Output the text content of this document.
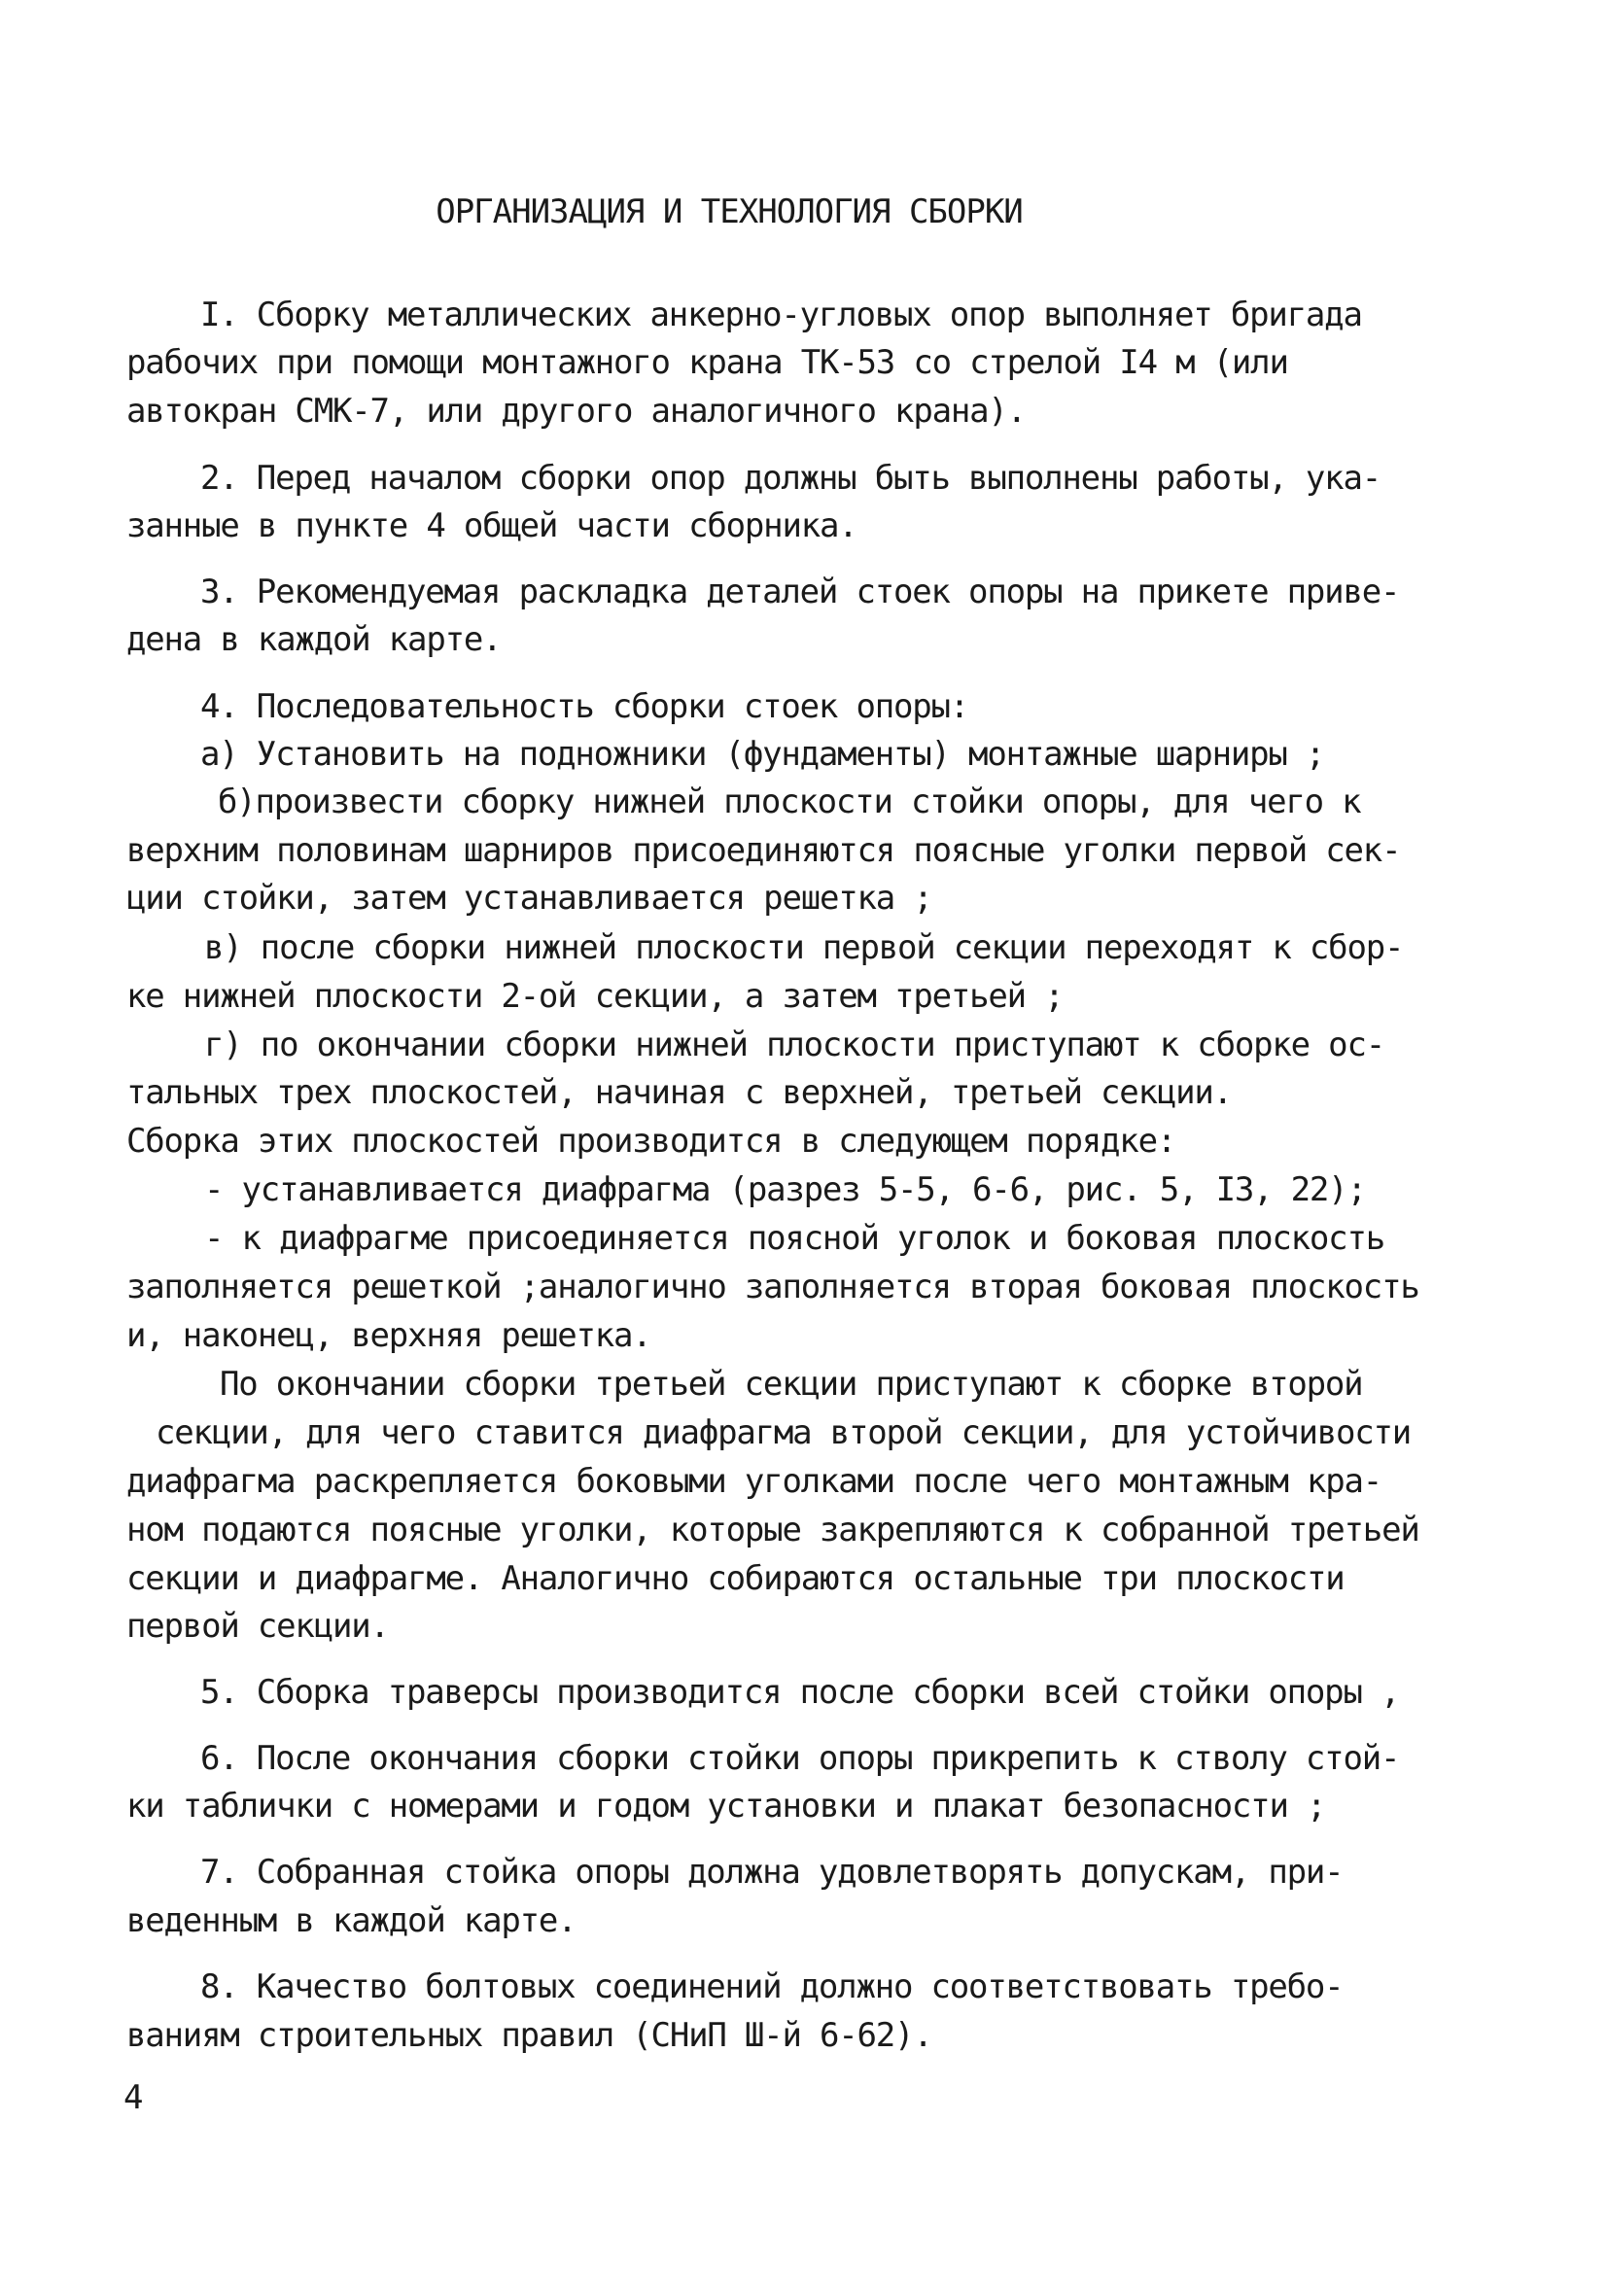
ОРГАНИЗАЦИЯ И ТЕХНОЛОГИЯ СБОРКИ
I. Сборку металлических анкерно-угловых опор выполняет бригада
рабочих при помощи монтажного крана ТК-53 со стрелой I4 м (или
автокран СМК-7, или другого аналогичного крана).
2. Перед началом сборки опор должны быть выполнены работы, ука-
занные в пункте 4 общей части сборника.
3. Рекомендуемая раскладка деталей стоек опоры на прикете приве-
дена в каждой карте.
4. Последовательность сборки стоек опоры:
а) Установить на подножники (фундаменты) монтажные шарниры ;
б)произвести сборку нижней плоскости стойки опоры, для чего к
верхним половинам шарниров присоединяются поясные уголки первой сек-
ции стойки, затем устанавливается решетка ;
в) после сборки нижней плоскости первой секции переходят к сбор-
ке нижней плоскости 2-ой секции, а затем третьей ;
г) по окончании сборки нижней плоскости приступают к сборке ос-
тальных трех плоскостей, начиная с верхней, третьей секции.
Сборка этих плоскостей производится в следующем порядке:
- устанавливается диафрагма (разрез 5-5, 6-6, рис. 5, I3, 22);
- к диафрагме присоединяется поясной уголок и боковая плоскость
заполняется решеткой ;аналогично заполняется вторая боковая плоскость
и, наконец, верхняя решетка.
По окончании сборки третьей секции приступают к сборке второй
секции, для чего ставится диафрагма второй секции, для устойчивости
диафрагма раскрепляется боковыми уголками после чего монтажным кра-
ном подаются поясные уголки, которые закрепляются к собранной третьей
секции и диафрагме. Аналогично собираются остальные три плоскости
первой секции.
5. Сборка траверсы производится после сборки всей стойки опоры ,
6. После окончания сборки стойки опоры прикрепить к стволу стой-
ки таблички с номерами и годом установки и плакат безопасности ;
7. Собранная стойка опоры должна удовлетворять допускам, при-
веденным в каждой карте.
8. Качество болтовых соединений должно соответствовать требо-
ваниям строительных правил (СНиП Ш-й 6-62).
4
